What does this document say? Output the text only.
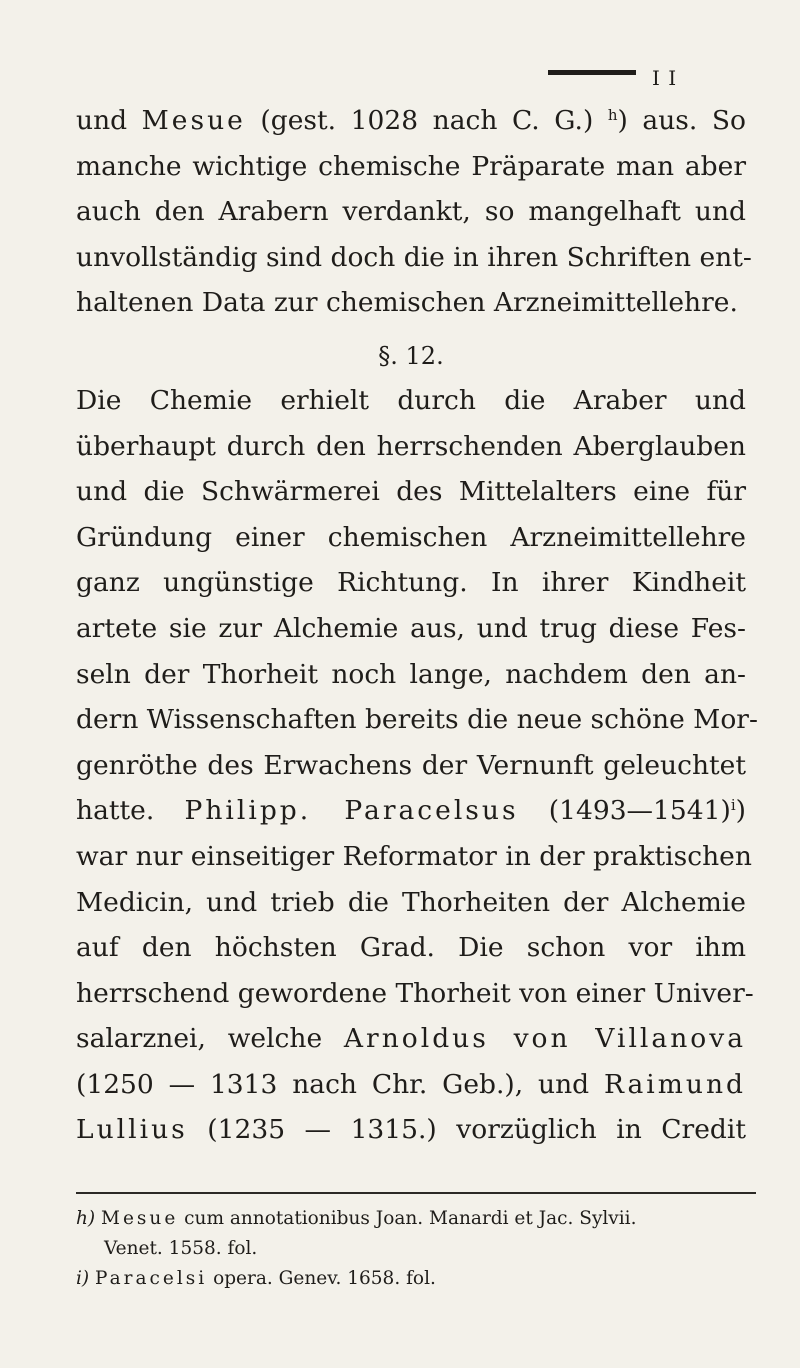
I I
und Mesue (gest. 1028 nach C. G.) $^h$) aus. So
manche wichtige chemische Präparate man aber
auch den Arabern verdankt, so mangelhaft und
unvollständig sind doch die in ihren Schriften ent-
haltenen Data zur chemischen Arzneimittellehre.
§. 12.
Die Chemie erhielt durch die Araber und
überhaupt durch den herrschenden Aberglauben
und die Schwärmerei des Mittelalters eine für
Gründung einer chemischen Arzneimittellehre
ganz ungünstige Richtung. In ihrer Kindheit
artete sie zur Alchemie aus, und trug diese Fes-
seln der Thorheit noch lange, nachdem den an-
dern Wissenschaften bereits die neue schöne Mor-
genröthe des Erwachens der Vernunft geleuchtet
hatte. Philipp. Paracelsus (1493—1541)$^i$)
war nur einseitiger Reformator in der praktischen
Medicin, und trieb die Thorheiten der Alchemie
auf den höchsten Grad. Die schon vor ihm
herrschend gewordene Thorheit von einer Univer-
salarznei, welche Arnoldus von Villanova
(1250 — 1313 nach Chr. Geb.), und Raimund
Lullius (1235 — 1315.) vorzüglich in Credit
h) Mesue cum annotationibus Joan. Manardi et Jac. Sylvii.
Venet. 1558. fol.
i) Paracelsi opera. Genev. 1658. fol.
